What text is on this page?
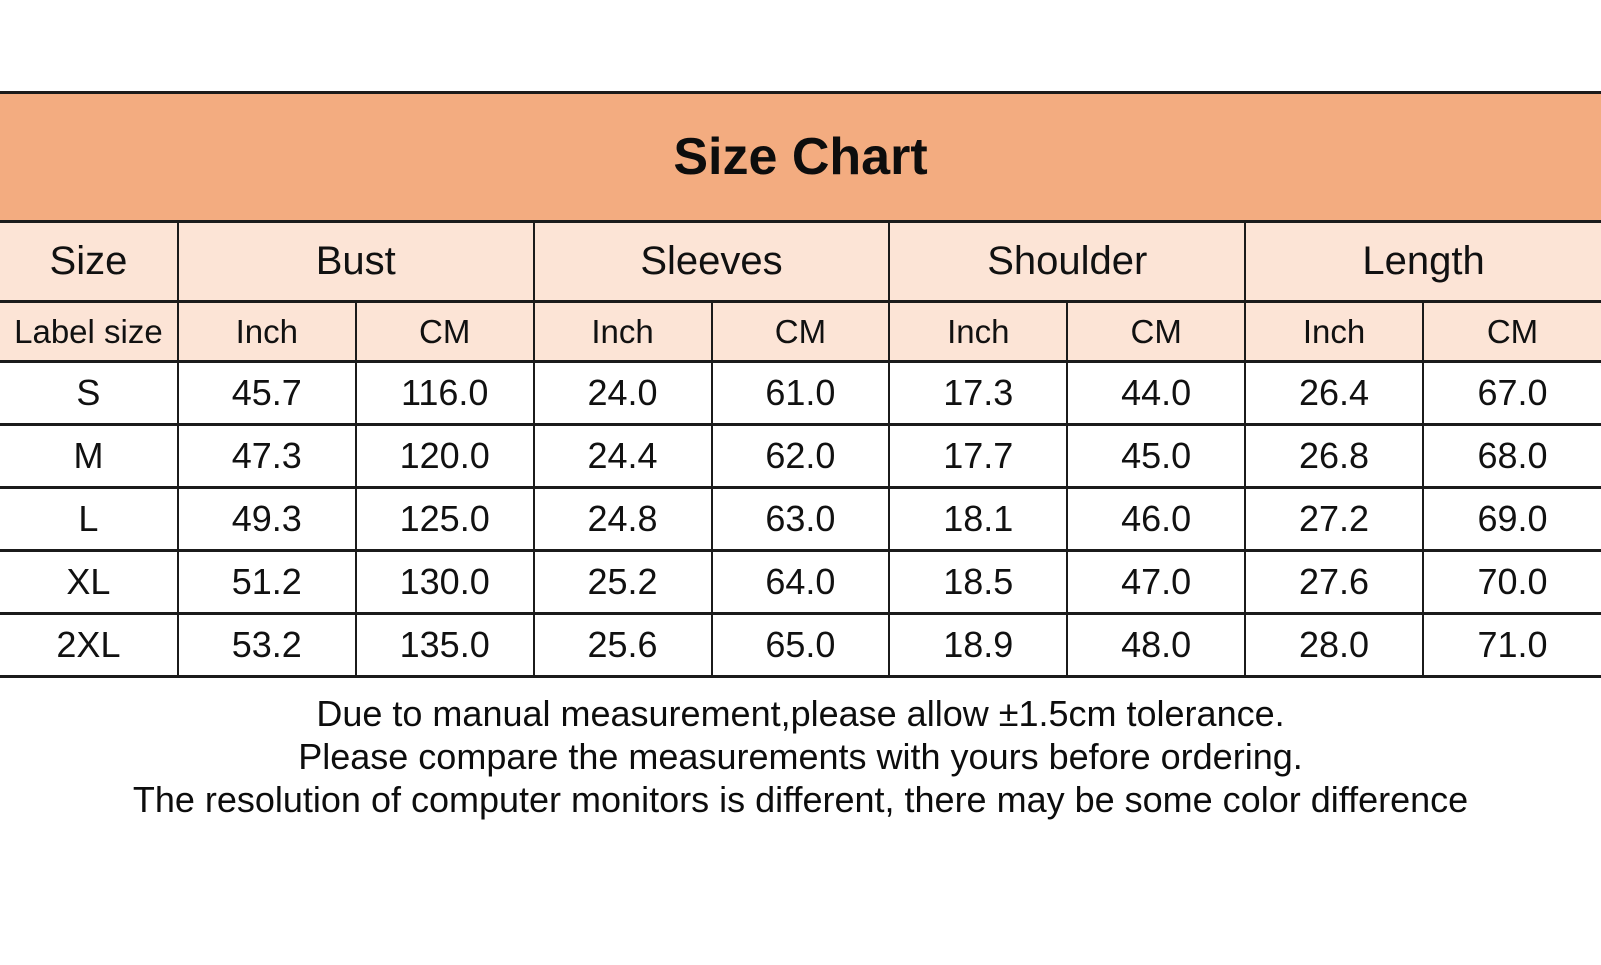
Size Chart
Size	Bust		Sleeves		Shoulder		Length	
Label size	Inch	CM	Inch	CM	Inch	CM	Inch	CM
S	45.7	116.0	24.0	61.0	17.3	44.0	26.4	67.0
M	47.3	120.0	24.4	62.0	17.7	45.0	26.8	68.0
L	49.3	125.0	24.8	63.0	18.1	46.0	27.2	69.0
XL	51.2	130.0	25.2	64.0	18.5	47.0	27.6	70.0
2XL	53.2	135.0	25.6	65.0	18.9	48.0	28.0	71.0
Due to manual measurement,please allow ±1.5cm tolerance.
Please compare the measurements with yours before ordering.
The resolution of computer monitors is different, there may be some color difference
